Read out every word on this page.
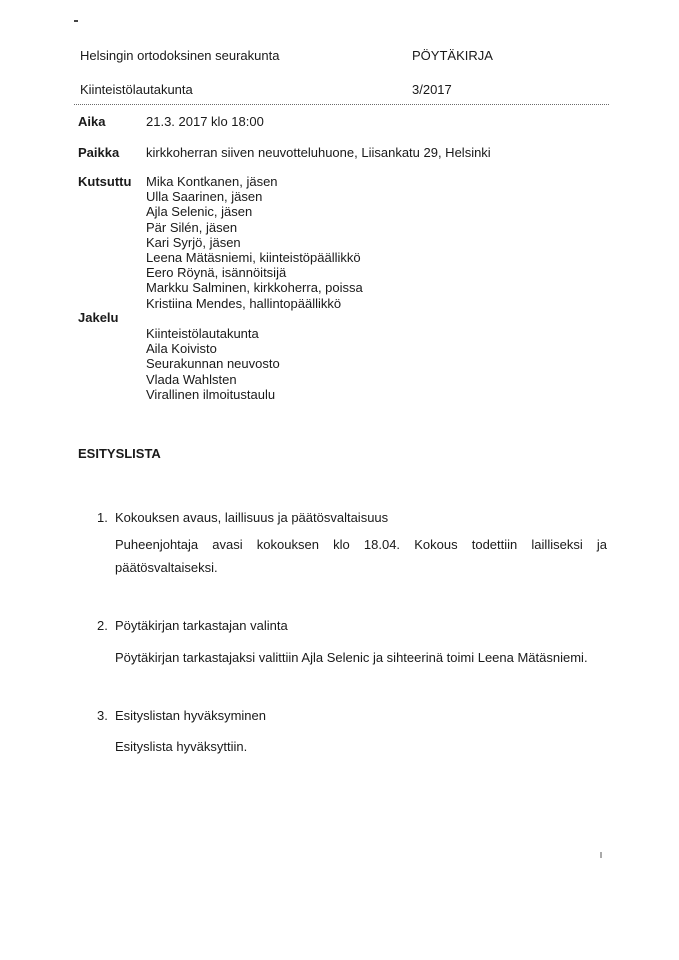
Helsingin ortodoksinen seurakunta	PÖYTÄKIRJA
Kiinteistölautakunta	3/2017
Aika	21.3. 2017 klo 18:00
Paikka kirkkoherran siiven neuvotteluhuone, Liisankatu 29, Helsinki
Kutsuttu Mika Kontkanen, jäsen
Ulla Saarinen, jäsen
Ajla Selenic, jäsen
Pär Silén, jäsen
Kari Syrjö, jäsen
Leena Mätäsniemi, kiinteistöpäällikkö
Eero Röynä, isännöitsijä
Markku Salminen, kirkkoherra, poissa
Kristiina Mendes, hallintopäällikkö
Jakelu
Kiinteistölautakunta
Aila Koivisto
Seurakunnan neuvosto
Vlada Wahlsten
Virallinen ilmoitustaulu
ESITYSLISTA
1. Kokouksen avaus, laillisuus ja päätösvaltaisuus
Puheenjohtaja avasi kokouksen klo 18.04. Kokous todettiin lailliseksi ja päätösvaltaiseksi.
2. Pöytäkirjan tarkastajan valinta
Pöytäkirjan tarkastajaksi valittiin Ajla Selenic ja sihteerinä toimi Leena Mätäsniemi.
3. Esityslistan hyväksyminen
Esityslista hyväksyttiin.
